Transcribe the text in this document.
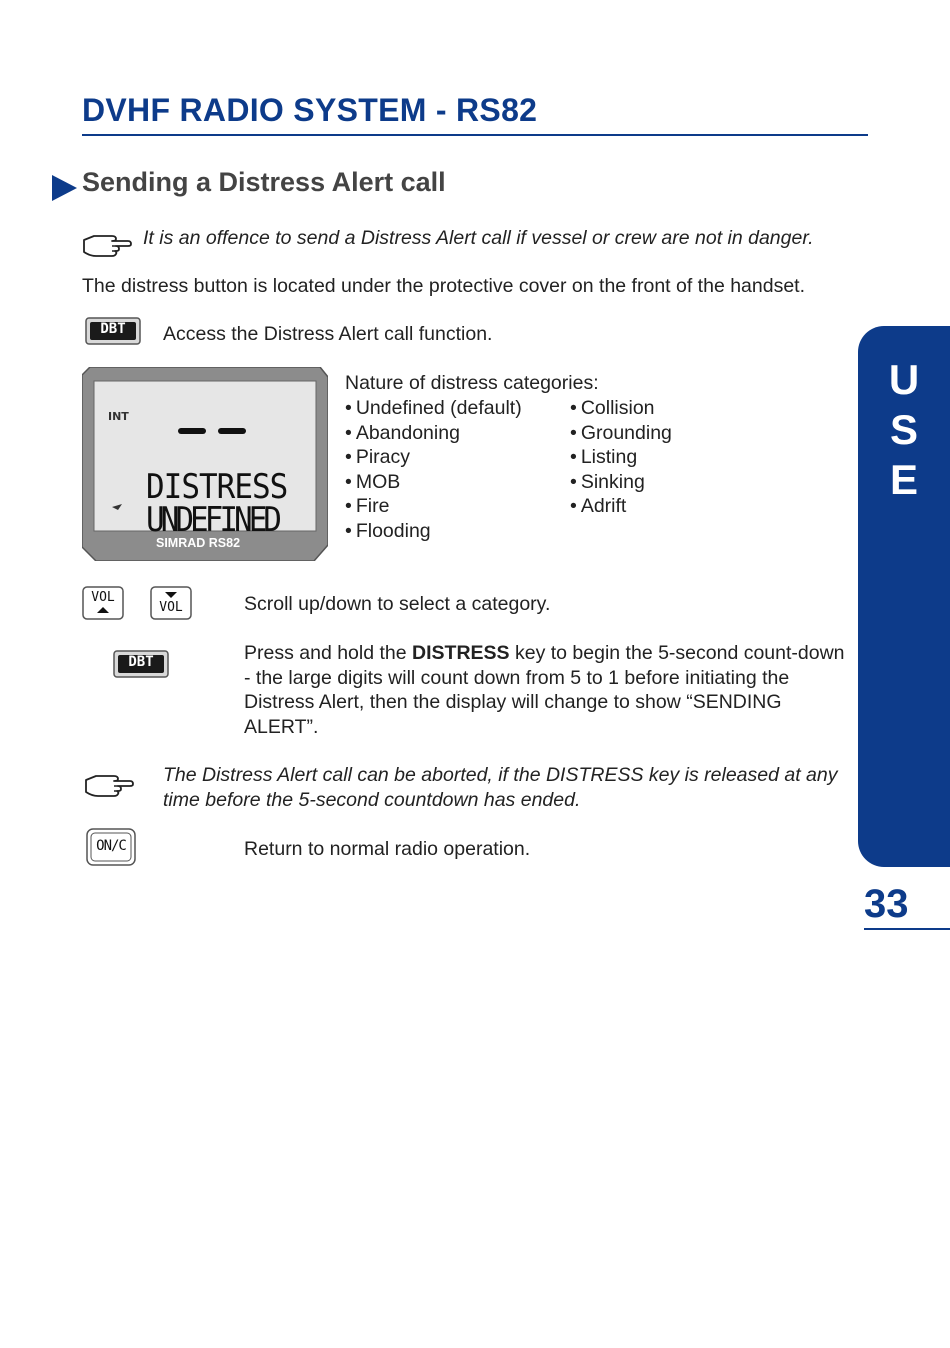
DVHF RADIO SYSTEM - RS82
Sending a Distress Alert call
It is an offence to send a Distress Alert call if vessel or crew are not in danger.
The distress button is located under the protective cover on the front of the handset.
DBT	Access the Distress Alert call function.
INT
DISTRESS
UNDEFINED
SIMRAD RS82
Nature of distress categories:
• Undefined (default)
• Abandoning
• Piracy
• MOB
• Fire
• Flooding
• Collision
• Grounding
• Listing
• Sinking
• Adrift
VOL
VOL	Scroll up/down to select a category.
DBT	Press and hold the DISTRESS key to begin the 5-second count-down - the large digits will count down from 5 to 1 before initiating the Distress Alert, then the display will change to show “SENDING ALERT”.
The Distress Alert call can be aborted, if the DISTRESS key is released at any time before the 5-second countdown has ended.
ON/C	Return to normal radio operation.
U
S
E
33
